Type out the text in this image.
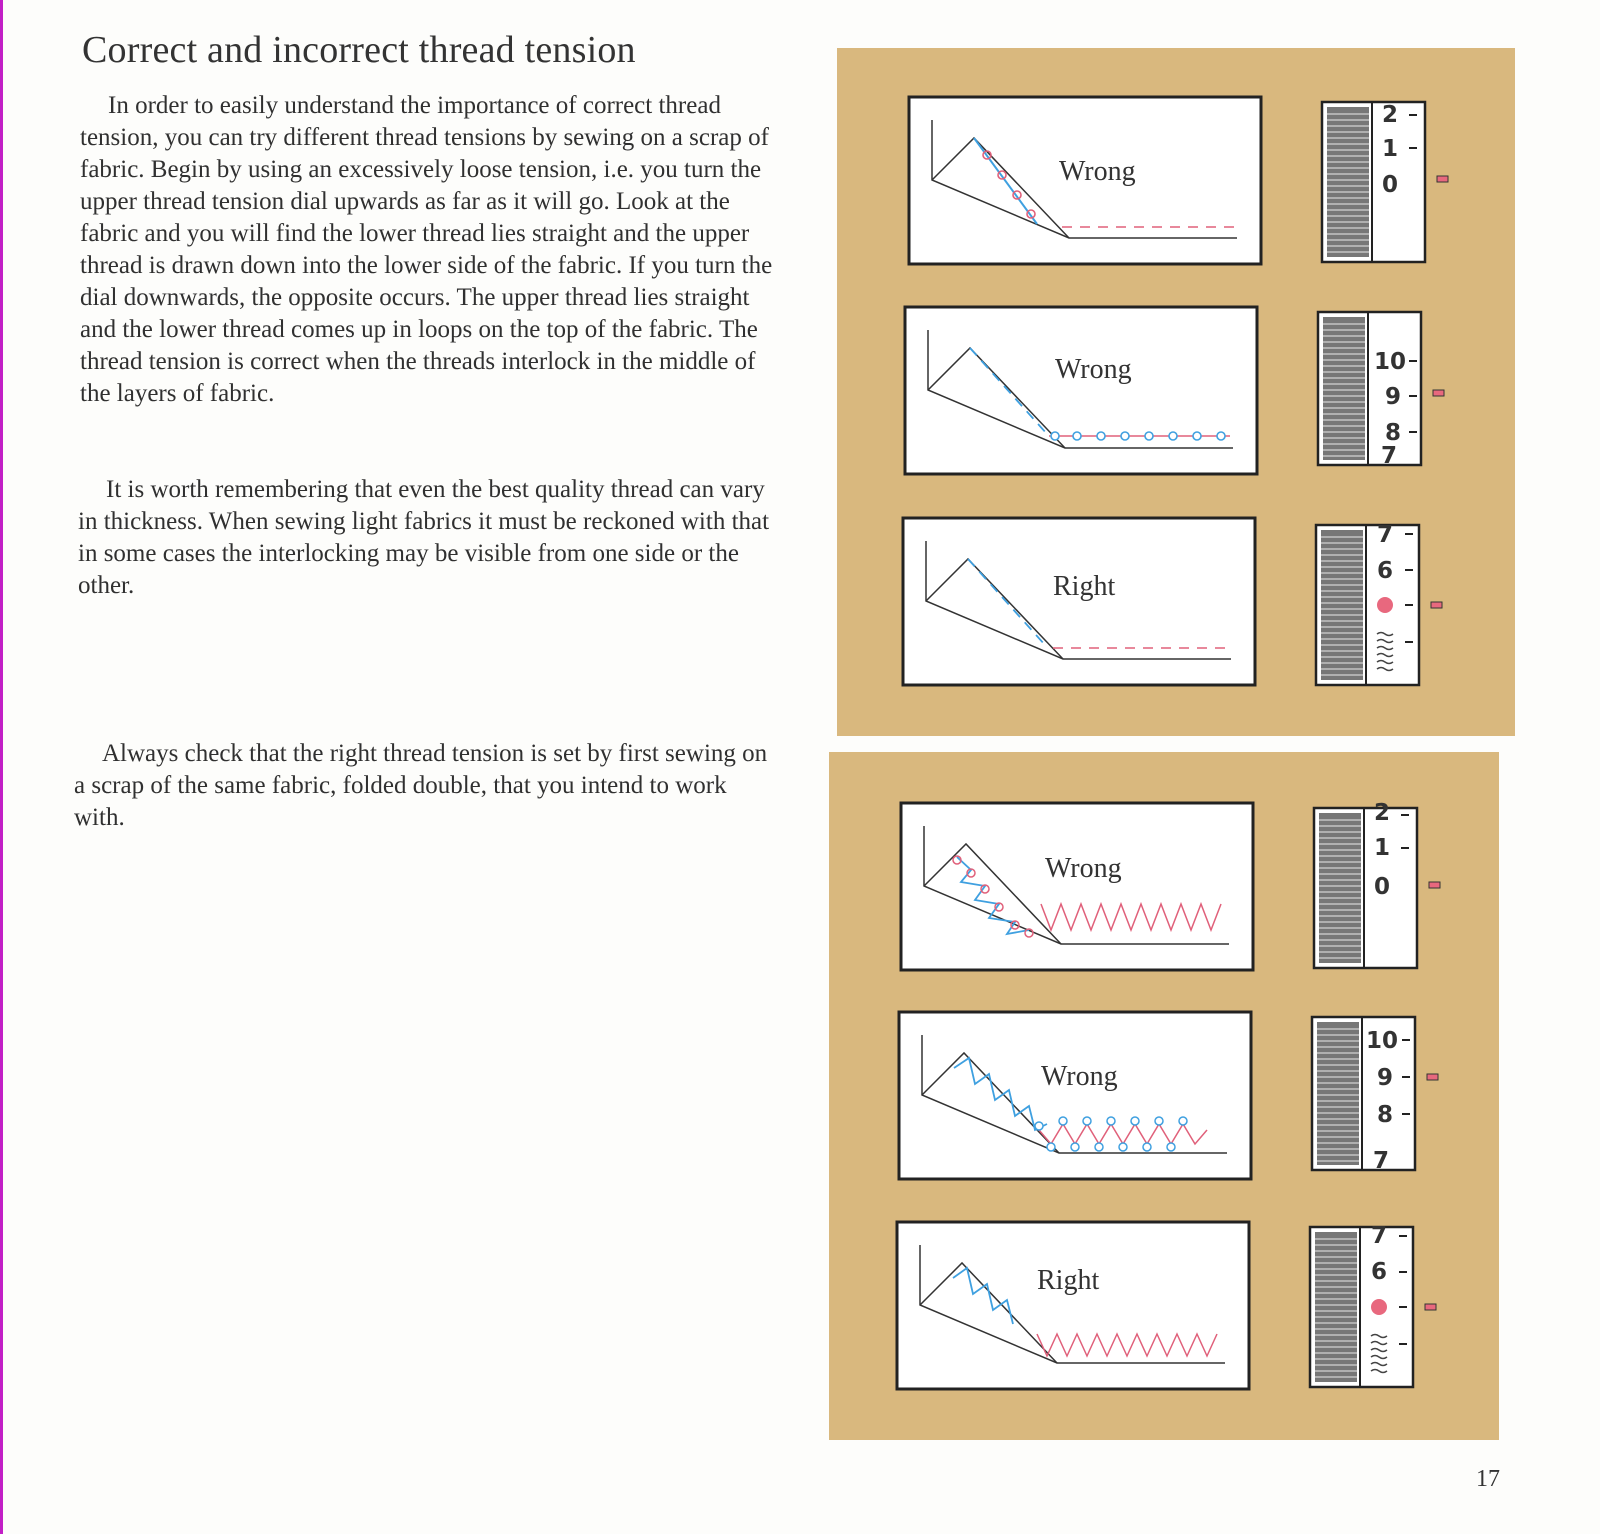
Correct and incorrect thread tension

In order to easily understand the importance of correct thread tension, you can try different thread tensions by sewing on a scrap of fabric. Begin by using an excessively loose tension, i.e. you turn the upper thread tension dial upwards as far as it will go. Look at the fabric and you will find the lower thread lies straight and the upper thread is drawn down into the lower side of the fabric. If you turn the dial downwards, the opposite occurs. The upper thread lies straight and the lower thread comes up in loops on the top of the fabric. The thread tension is correct when the threads interlock in the middle of the layers of fabric.

It is worth remembering that even the best quality thread can vary in thickness. When sewing light fabrics it must be reckoned with that in some cases the interlocking may be visible from one side or the other.

Always check that the right thread tension is set by first sewing on a scrap of the same fabric, folded double, that you intend to work with.

Wrong
2
1
0
Wrong	10
9
8
7
Right
7
6
Wrong
2
1
0
Wrong
10
9
8
7
Right
7
6
17
